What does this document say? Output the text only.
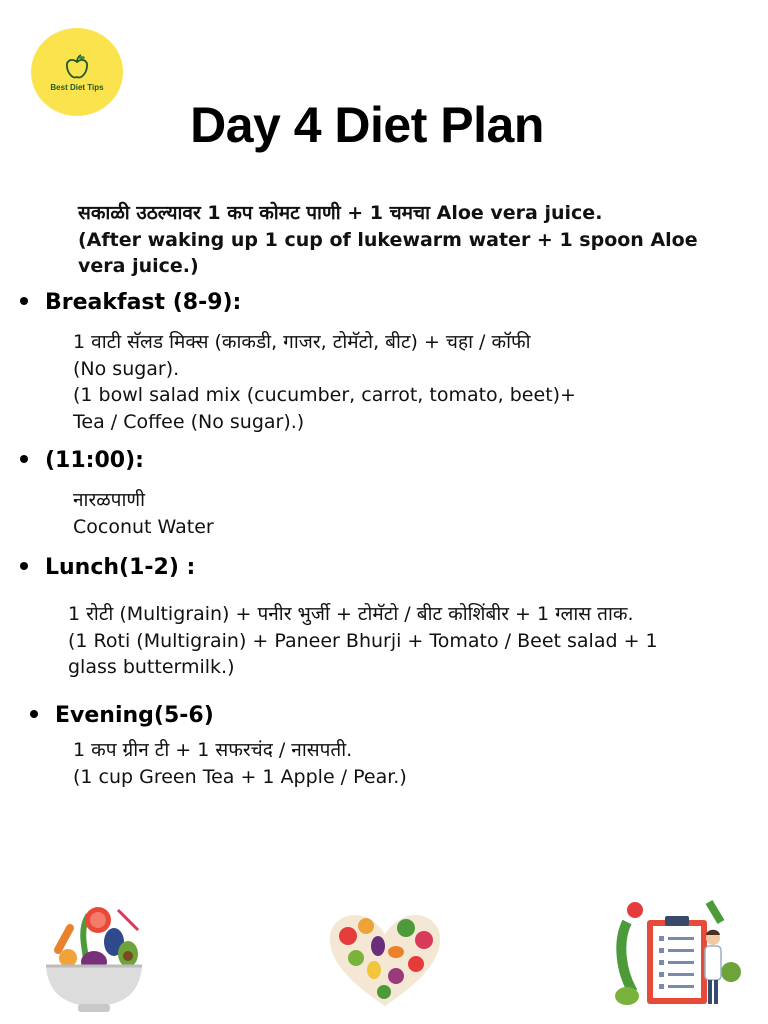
Best Diet Tips
Day 4 Diet Plan
सकाळी उठल्यावर 1 कप कोमट पाणी + 1 चमचा Aloe vera juice.
(After waking up 1 cup of lukewarm water + 1 spoon Aloe
vera juice.)
Breakfast (8-9):
1 वाटी सॅलड मिक्स (काकडी, गाजर, टोमॅटो, बीट) + चहा / कॉफी
(No sugar).
(1 bowl salad mix (cucumber, carrot, tomato, beet)+
Tea / Coffee (No sugar).)
(11:00):
नारळपाणी
Coconut Water
Lunch(1-2) :
1 रोटी (Multigrain) + पनीर भुर्जी + टोमॅटो / बीट कोशिंबीर + 1 ग्लास ताक.
(1 Roti (Multigrain) + Paneer Bhurji + Tomato / Beet salad + 1
glass buttermilk.)
Evening(5-6)
1 कप ग्रीन टी + 1 सफरचंद / नासपती.
(1 cup Green Tea + 1 Apple / Pear.)
